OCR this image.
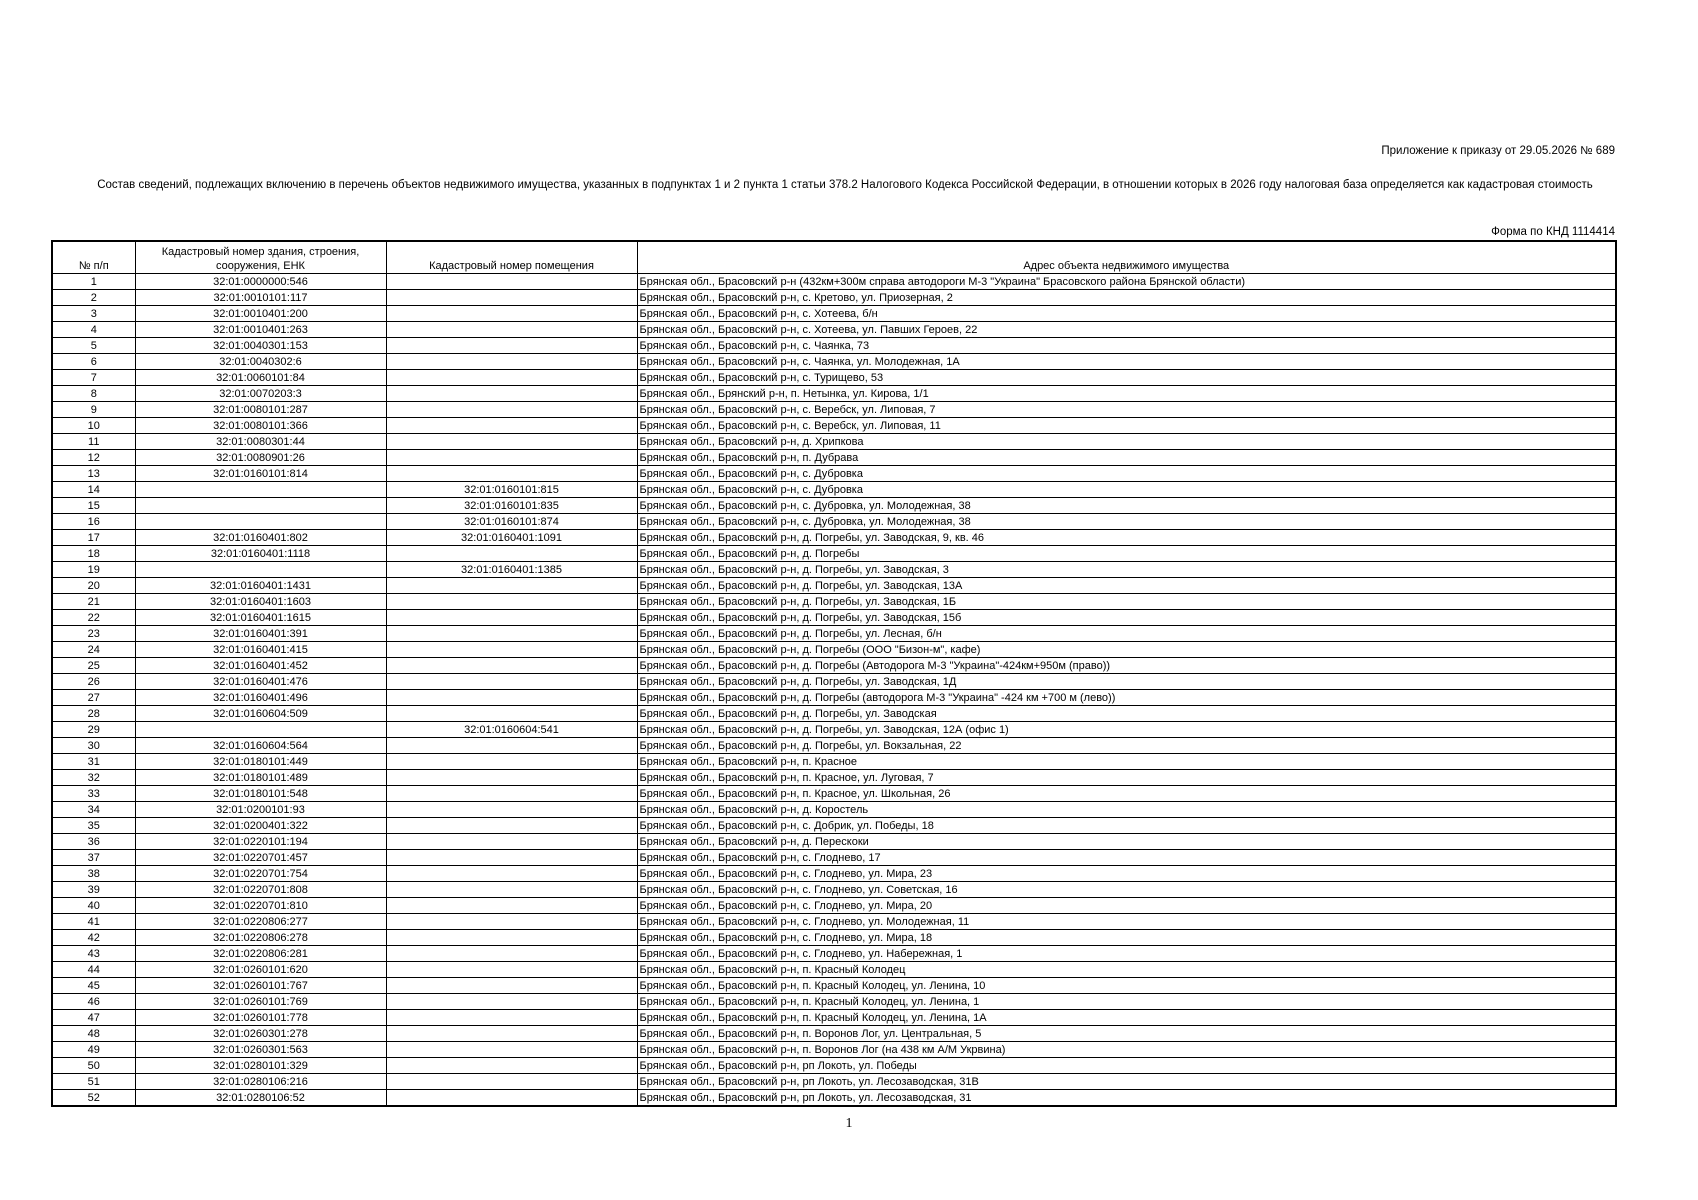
Приложение к приказу от 29.05.2026 № 689
Состав сведений, подлежащих включению в перечень объектов недвижимого имущества, указанных в подпунктах 1 и 2 пункта 1 статьи 378.2 Налогового Кодекса Российской Федерации, в отношении которых в 2026 году налоговая база определяется как кадастровая стоимость
Форма по КНД 1114414
№ п/п	Кадастровый номер здания, строения, сооружения, ЕНК	Кадастровый номер помещения	Адрес объекта недвижимого имущества
1	32:01:0000000:546		Брянская обл., Брасовский р-н (432км+300м справа автодороги М-3 "Украина" Брасовского района Брянской области)
2	32:01:0010101:117		Брянская обл., Брасовский р-н, с. Кретово, ул. Приозерная, 2
3	32:01:0010401:200		Брянская обл., Брасовский р-н, с. Хотеева, б/н
4	32:01:0010401:263		Брянская обл., Брасовский р-н, с. Хотеева, ул. Павших Героев, 22
5	32:01:0040301:153		Брянская обл., Брасовский р-н, с. Чаянка, 73
6	32:01:0040302:6		Брянская обл., Брасовский р-н, с. Чаянка, ул. Молодежная, 1А
7	32:01:0060101:84		Брянская обл., Брасовский р-н, с. Турищево, 53
8	32:01:0070203:3		Брянская обл., Брянский р-н, п. Нетынка, ул. Кирова, 1/1
9	32:01:0080101:287		Брянская обл., Брасовский р-н, с. Веребск, ул. Липовая, 7
10	32:01:0080101:366		Брянская обл., Брасовский р-н, с. Веребск, ул. Липовая, 11
11	32:01:0080301:44		Брянская обл., Брасовский р-н, д. Хрипкова
12	32:01:0080901:26		Брянская обл., Брасовский р-н, п. Дубрава
13	32:01:0160101:814		Брянская обл., Брасовский р-н, с. Дубровка
14		32:01:0160101:815	Брянская обл., Брасовский р-н, с. Дубровка
15		32:01:0160101:835	Брянская обл., Брасовский р-н, с. Дубровка, ул. Молодежная, 38
16		32:01:0160101:874	Брянская обл., Брасовский р-н, с. Дубровка, ул. Молодежная, 38
17	32:01:0160401:802	32:01:0160401:1091	Брянская обл., Брасовский р-н, д. Погребы, ул. Заводская, 9, кв. 46
18	32:01:0160401:1118		Брянская обл., Брасовский р-н, д. Погребы
19		32:01:0160401:1385	Брянская обл., Брасовский р-н, д. Погребы, ул. Заводская, 3
20	32:01:0160401:1431		Брянская обл., Брасовский р-н, д. Погребы, ул. Заводская, 13А
21	32:01:0160401:1603		Брянская обл., Брасовский р-н, д. Погребы, ул. Заводская, 1Б
22	32:01:0160401:1615		Брянская обл., Брасовский р-н, д. Погребы, ул. Заводская, 15б
23	32:01:0160401:391		Брянская обл., Брасовский р-н, д. Погребы, ул. Лесная, б/н
24	32:01:0160401:415		Брянская обл., Брасовский р-н, д. Погребы (ООО "Бизон-м", кафе)
25	32:01:0160401:452		Брянская обл., Брасовский р-н, д. Погребы (Автодорога М-3 "Украина"-424км+950м (право))
26	32:01:0160401:476		Брянская обл., Брасовский р-н, д. Погребы, ул. Заводская, 1Д
27	32:01:0160401:496		Брянская обл., Брасовский р-н, д. Погребы (автодорога М-3 "Украина" -424 км +700 м (лево))
28	32:01:0160604:509		Брянская обл., Брасовский р-н, д. Погребы, ул. Заводская
29		32:01:0160604:541	Брянская обл., Брасовский р-н, д. Погребы, ул. Заводская, 12А (офис 1)
30	32:01:0160604:564		Брянская обл., Брасовский р-н, д. Погребы, ул. Вокзальная, 22
31	32:01:0180101:449		Брянская обл., Брасовский р-н, п. Красное
32	32:01:0180101:489		Брянская обл., Брасовский р-н, п. Красное, ул. Луговая, 7
33	32:01:0180101:548		Брянская обл., Брасовский р-н, п. Красное, ул. Школьная, 26
34	32:01:0200101:93		Брянская обл., Брасовский р-н, д. Коростель
35	32:01:0200401:322		Брянская обл., Брасовский р-н, с. Добрик, ул. Победы, 18
36	32:01:0220101:194		Брянская обл., Брасовский р-н, д. Перескоки
37	32:01:0220701:457		Брянская обл., Брасовский р-н, с. Глоднево, 17
38	32:01:0220701:754		Брянская обл., Брасовский р-н, с. Глоднево, ул. Мира, 23
39	32:01:0220701:808		Брянская обл., Брасовский р-н, с. Глоднево, ул. Советская, 16
40	32:01:0220701:810		Брянская обл., Брасовский р-н, с. Глоднево, ул. Мира, 20
41	32:01:0220806:277		Брянская обл., Брасовский р-н, с. Глоднево, ул. Молодежная, 11
42	32:01:0220806:278		Брянская обл., Брасовский р-н, с. Глоднево, ул. Мира, 18
43	32:01:0220806:281		Брянская обл., Брасовский р-н, с. Глоднево, ул. Набережная, 1
44	32:01:0260101:620		Брянская обл., Брасовский р-н, п. Красный Колодец
45	32:01:0260101:767		Брянская обл., Брасовский р-н, п. Красный Колодец, ул. Ленина, 10
46	32:01:0260101:769		Брянская обл., Брасовский р-н, п. Красный Колодец, ул. Ленина, 1
47	32:01:0260101:778		Брянская обл., Брасовский р-н, п. Красный Колодец, ул. Ленина, 1А
48	32:01:0260301:278		Брянская обл., Брасовский р-н, п. Воронов Лог, ул. Центральная, 5
49	32:01:0260301:563		Брянская обл., Брасовский р-н, п. Воронов Лог (на 438 км А/М Укрвина)
50	32:01:0280101:329		Брянская обл., Брасовский р-н, рп Локоть, ул. Победы
51	32:01:0280106:216		Брянская обл., Брасовский р-н, рп Локоть, ул. Лесозаводская, 31В
52	32:01:0280106:52		Брянская обл., Брасовский р-н, рп Локоть, ул. Лесозаводская, 31
1
